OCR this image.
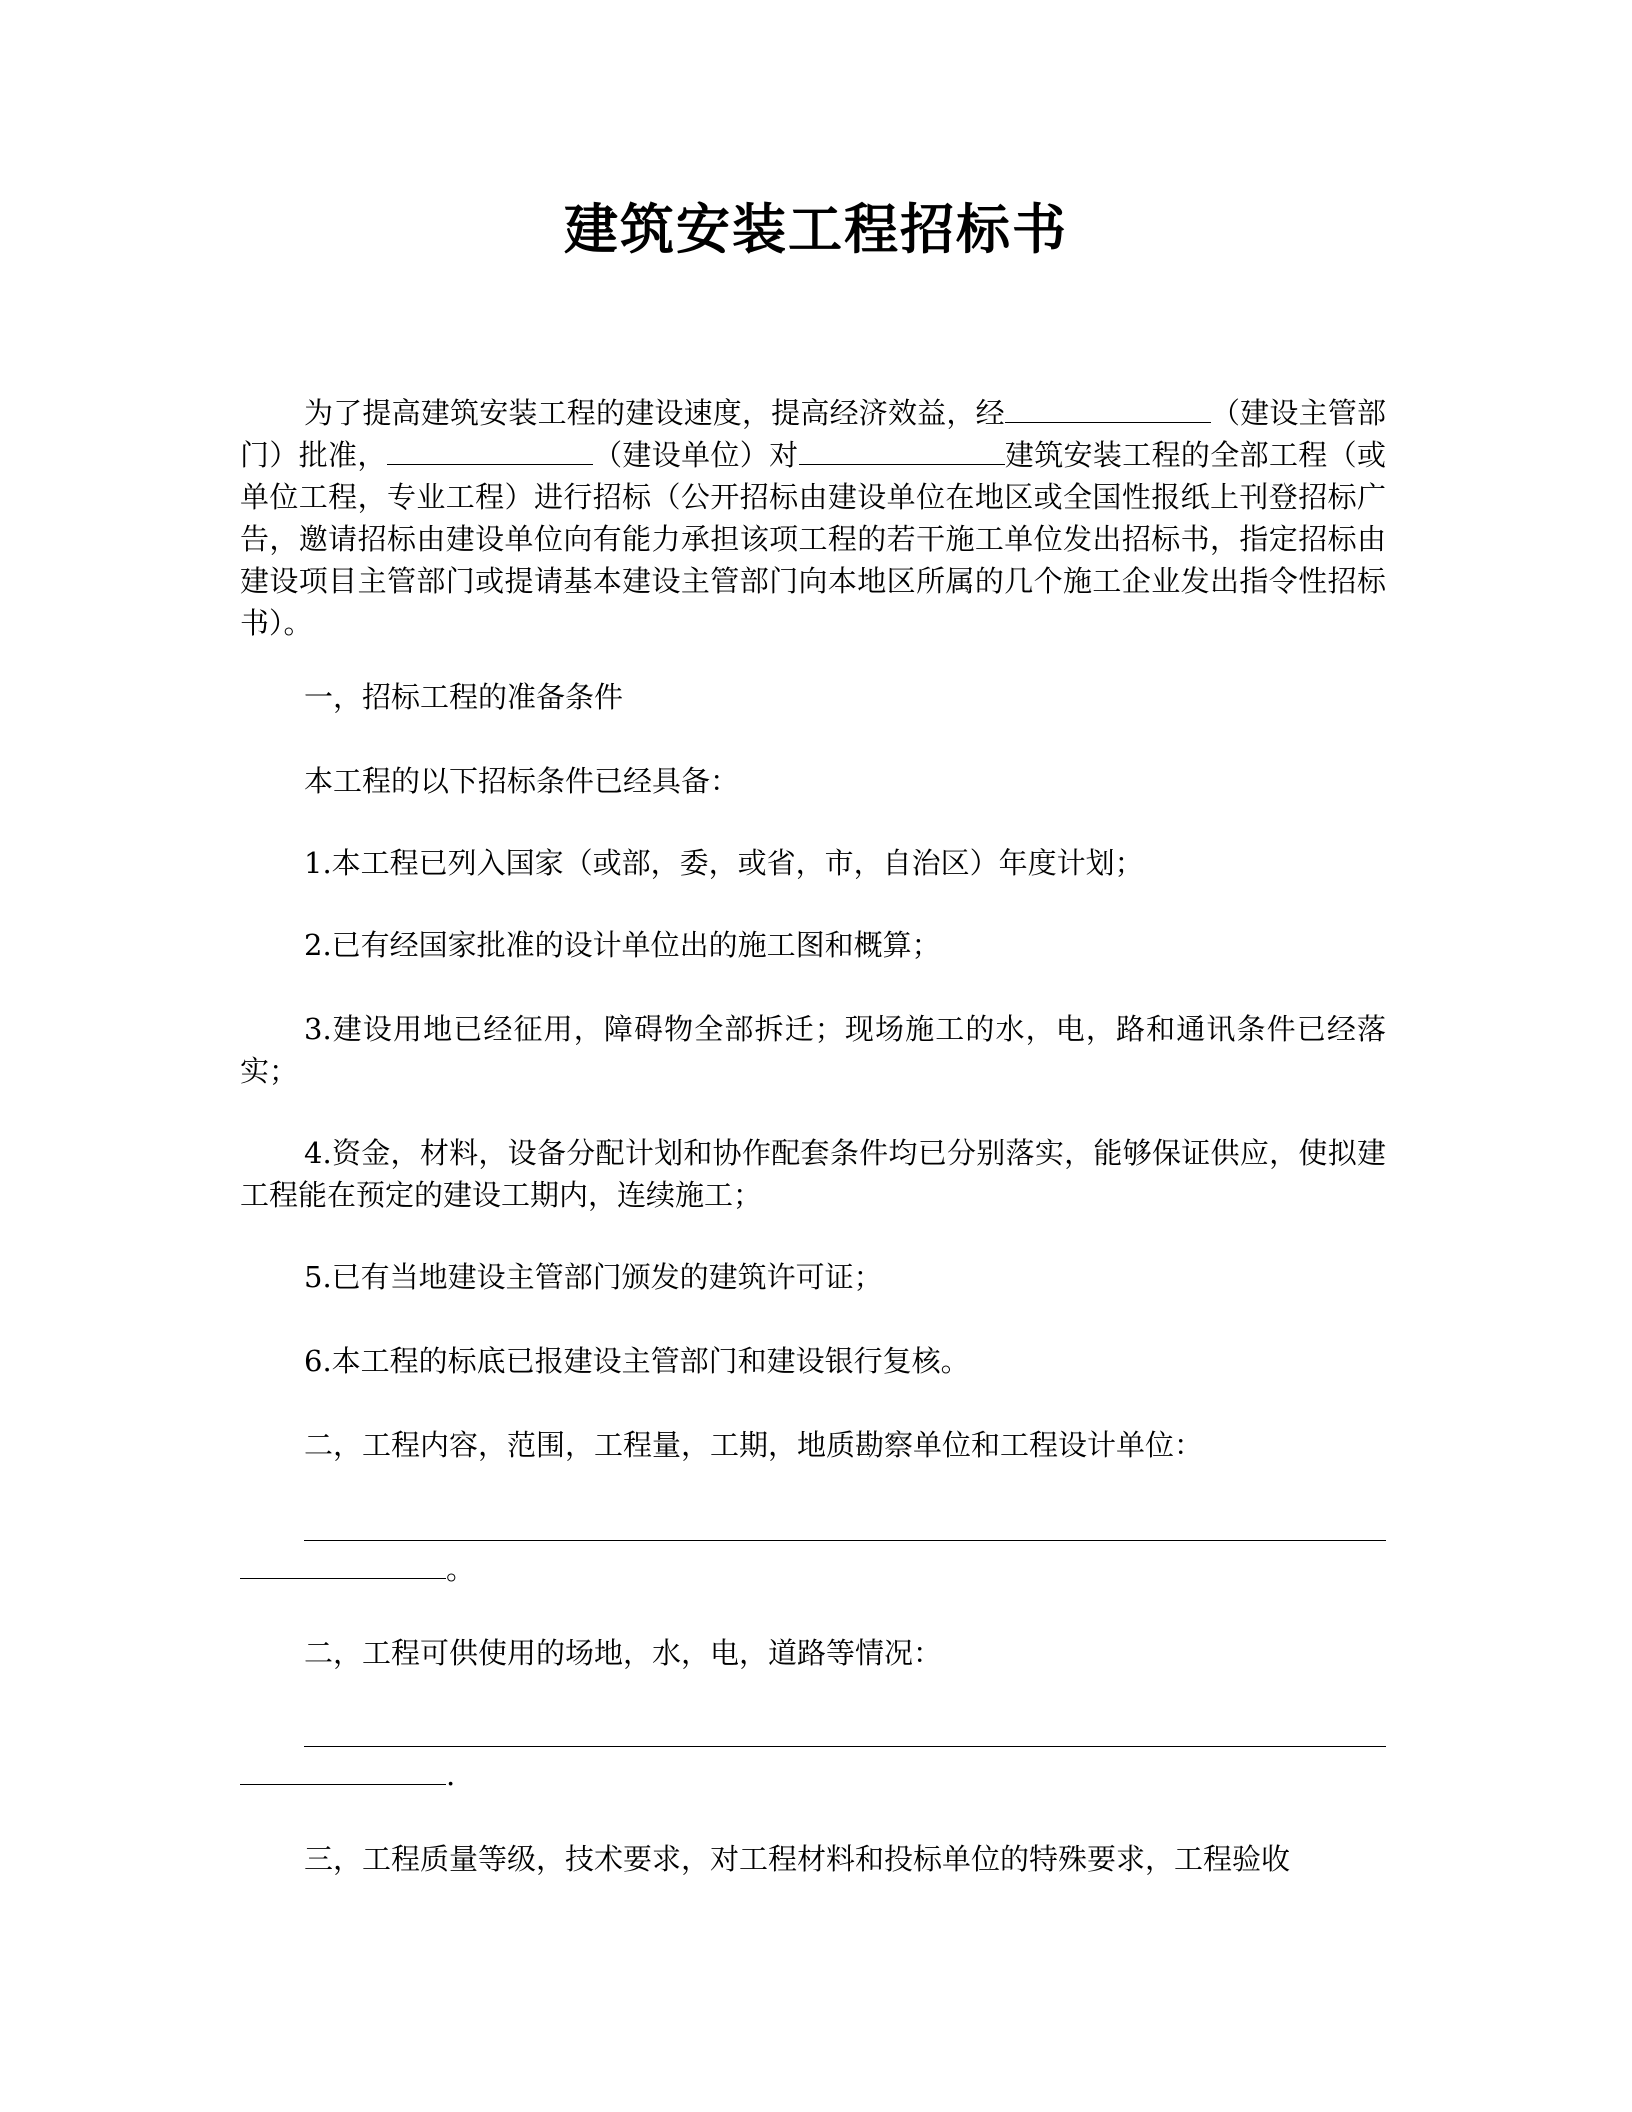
建筑安装工程招标书
为了提高建筑安装工程的建设速度，提高经济效益，经	（建设主管部门）批准，	（建设单位）对	建筑安装工程的全部工程（或单位工程，专业工程）进行招标（公开招标由建设单位在地区或全国性报纸上刊登招标广告，邀请招标由建设单位向有能力承担该项工程的若干施工单位发出招标书，指定招标由建设项目主管部门或提请基本建设主管部门向本地区所属的几个施工企业发出指令性招标书）。
一，招标工程的准备条件
本工程的以下招标条件已经具备：
1.本工程已列入国家（或部，委，或省，市，自治区）年度计划；
2.已有经国家批准的设计单位出的施工图和概算；
3.建设用地已经征用，障碍物全部拆迁；现场施工的水，电，路和通讯条件已经落实；
4.资金，材料，设备分配计划和协作配套条件均已分别落实，能够保证供应，使拟建工程能在预定的建设工期内，连续施工；
5.已有当地建设主管部门颁发的建筑许可证；
6.本工程的标底已报建设主管部门和建设银行复核。
二，工程内容，范围，工程量，工期，地质勘察单位和工程设计单位：
。
二，工程可供使用的场地，水，电，道路等情况：
.
三，工程质量等级，技术要求，对工程材料和投标单位的特殊要求，工程验收
